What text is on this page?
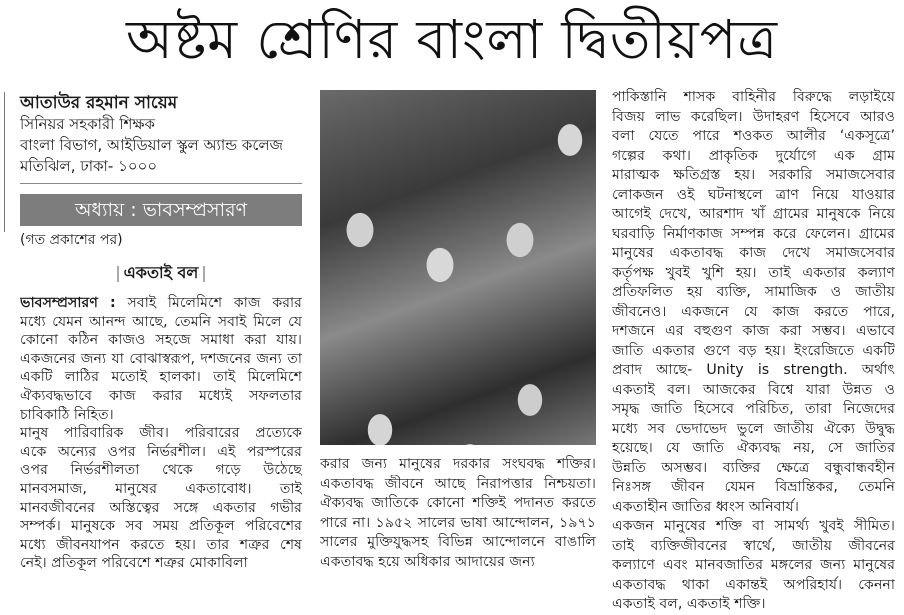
অষ্টম শ্রেণির বাংলা দ্বিতীয়পত্র
আতাউর রহমান সায়েম
সিনিয়র সহকারী শিক্ষক
বাংলা বিভাগ, আইডিয়াল স্কুল অ্যান্ড কলেজ
মতিঝিল, ঢাকা- ১০০০
অধ্যায় : ভাবসম্প্রসারণ
(গত প্রকাশের পর)
একতাই বল
ভাবসম্প্রসারণ : সবাই মিলেমিশে কাজ করার
মধ্যে যেমন আনন্দ আছে, তেমনি সবাই মিলে যে
কোনো কঠিন কাজও সহজে সমাধা করা যায়।
একজনের জন্য যা বোঝাস্বরূপ, দশজনের জন্য তা
একটি লাঠির মতোই হালকা। তাই মিলেমিশে
ঐক্যবদ্ধভাবে কাজ করার মধ্যেই সফলতার
চাবিকাঠি নিহিত।
মানুষ পারিবারিক জীব। পরিবারের প্রত্যেকে
একে অন্যের ওপর নির্ভরশীল। এই পরস্পরের
ওপর নির্ভরশীলতা থেকে গড়ে উঠেছে
মানবসমাজ, মানুষের একতাবোধ। তাই
মানবজীবনের অস্তিত্বের সঙ্গে একতার গভীর
সম্পর্ক। মানুষকে সব সময় প্রতিকূল পরিবেশের
মধ্যে জীবনযাপন করতে হয়। তার শত্রুর শেষ
নেই। প্রতিকূল পরিবেশে শত্রুর মোকাবিলা
করার জন্য মানুষের দরকার সংঘবদ্ধ শক্তির।
একতাবদ্ধ জীবনে আছে নিরাপত্তার নিশ্চয়তা।
ঐক্যবদ্ধ জাতিকে কোনো শক্তিই পদানত করতে
পারে না। ১৯৫২ সালের ভাষা আন্দোলন, ১৯৭১
সালের মুক্তিযুদ্ধসহ বিভিন্ন আন্দোলনে বাঙালি
একতাবদ্ধ হয়ে অধিকার আদায়ের জন্য
পাকিস্তানি শাসক বাহিনীর বিরুদ্ধে লড়াইয়ে
বিজয় লাভ করেছিল। উদাহরণ হিসেবে আরও
বলা যেতে পারে শওকত আলীর ‘একসূত্রে’
গল্পের কথা। প্রাকৃতিক দুর্যোগে এক গ্রাম
মারাত্মক ক্ষতিগ্রস্ত হয়। সরকারি সমাজসেবার
লোকজন ওই ঘটনাস্থলে ত্রাণ নিয়ে যাওয়ার
আগেই দেখে, আরশাদ খাঁ গ্রামের মানুষকে নিয়ে
ঘরবাড়ি নির্মাণকাজ সম্পন্ন করে ফেলেন। গ্রামের
মানুষের একতাবদ্ধ কাজ দেখে সমাজসেবার
কর্তৃপক্ষ খুবই খুশি হয়। তাই একতার কল্যাণ
প্রতিফলিত হয় ব্যক্তি, সামাজিক ও জাতীয়
জীবনেও। একজনে যে কাজ করতে পারে,
দশজনে এর বহুগুণ কাজ করা সম্ভব। এভাবে
জাতি একতার গুণে বড় হয়। ইংরেজিতে একটি
প্রবাদ আছে- Unity is strength. অর্থাৎ
একতাই বল। আজকের বিশ্বে যারা উন্নত ও
সমৃদ্ধ জাতি হিসেবে পরিচিত, তারা নিজেদের
মধ্যে সব ভেদাভেদ ভুলে জাতীয় ঐক্যে উদ্বুদ্ধ
হয়েছে। যে জাতি ঐক্যবদ্ধ নয়, সে জাতির
উন্নতি অসম্ভব। ব্যক্তির ক্ষেত্রে বন্ধুবান্ধবহীন
নিঃসঙ্গ জীবন যেমন বিভ্রান্তিকর, তেমনি
একতাহীন জাতির ধ্বংস অনিবার্য।
একজন মানুষের শক্তি বা সামর্থ্য খুবই সীমিত।
তাই ব্যক্তিজীবনের স্বার্থে, জাতীয় জীবনের
কল্যাণে এবং মানবজাতির মঙ্গলের জন্য মানুষের
একতাবদ্ধ থাকা একান্তই অপরিহার্য। কেননা
একতাই বল, একতাই শক্তি।
